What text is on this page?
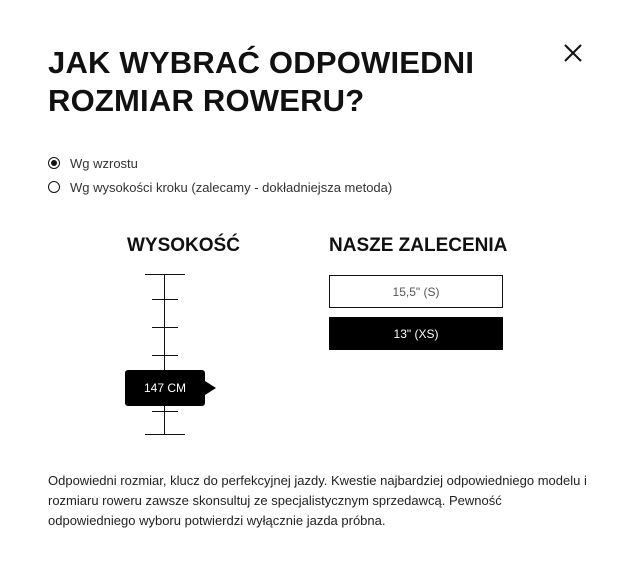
JAK WYBRAĆ ODPOWIEDNI
ROZMIAR ROWERU?
Wg wzrostu
Wg wysokości kroku (zalecamy - dokładniejsza metoda)
WYSOKOŚĆ	NASZE ZALECENIA
147 CM
15,5" (S)
13" (XS)

Odpowiedni rozmiar, klucz do perfekcyjnej jazdy. Kwestie najbardziej odpowiedniego modelu i rozmiaru roweru zawsze skonsultuj ze specjalistycznym sprzedawcą. Pewność odpowiedniego wyboru potwierdzi wyłącznie jazda próbna.
